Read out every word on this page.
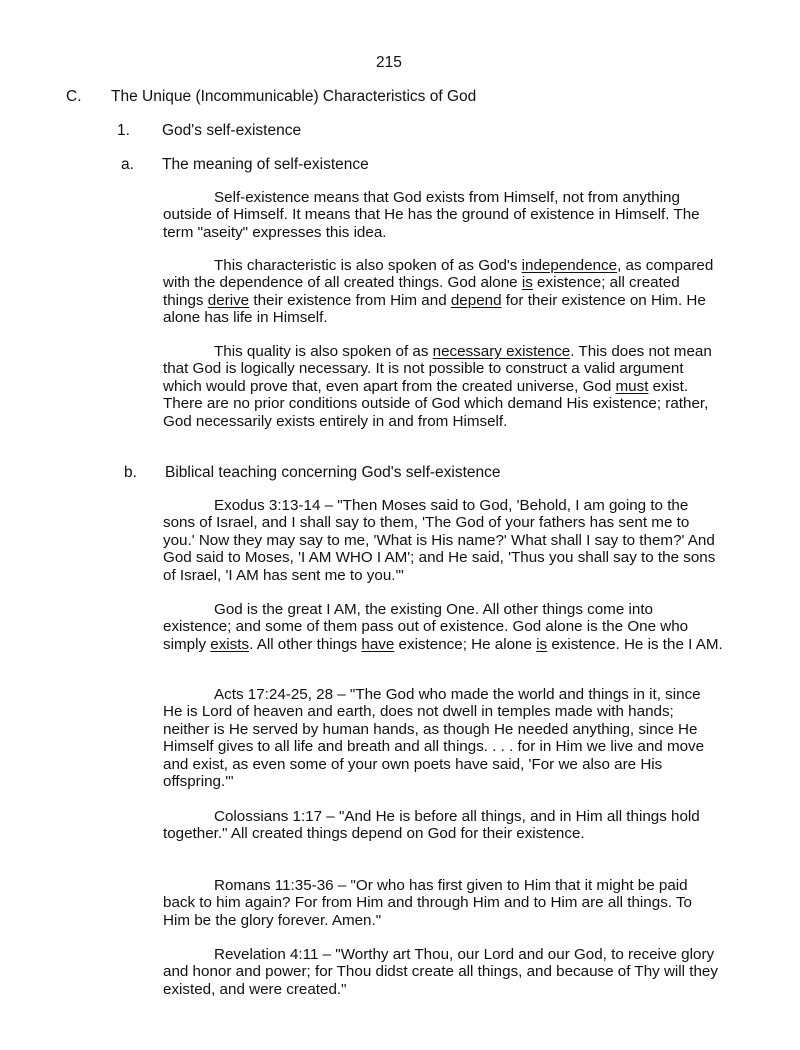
215
C. The Unique (Incommunicable) Characteristics of God
1. God's self-existence
a. The meaning of self-existence

Self-existence means that God exists from Himself, not from anything outside of Himself. It means that He has the ground of existence in Himself. The term "aseity" expresses this idea.

This characteristic is also spoken of as God's independence, as compared with the dependence of all created things. God alone is existence; all created things derive their existence from Him and depend for their existence on Him. He alone has life in Himself.

This quality is also spoken of as necessary existence. This does not mean that God is logically necessary. It is not possible to construct a valid argument which would prove that, even apart from the created universe, God must exist. There are no prior conditions outside of God which demand His existence; rather, God necessarily exists entirely in and from Himself.

b. Biblical teaching concerning God's self-existence

Exodus 3:13-14 – "Then Moses said to God, 'Behold, I am going to the sons of Israel, and I shall say to them, 'The God of your fathers has sent me to you.' Now they may say to me, 'What is His name?' What shall I say to them?' And God said to Moses, 'I AM WHO I AM'; and He said, 'Thus you shall say to the sons of Israel, 'I AM has sent me to you.'"

God is the great I AM, the existing One. All other things come into existence; and some of them pass out of existence. God alone is the One who simply exists. All other things have existence; He alone is existence. He is the I AM.

Acts 17:24-25, 28 – "The God who made the world and things in it, since He is Lord of heaven and earth, does not dwell in temples made with hands; neither is He served by human hands, as though He needed anything, since He Himself gives to all life and breath and all things. . . . for in Him we live and move and exist, as even some of your own poets have said, 'For we also are His offspring.'"

Colossians 1:17 – "And He is before all things, and in Him all things hold together." All created things depend on God for their existence.

Romans 11:35-36 – "Or who has first given to Him that it might be paid back to him again? For from Him and through Him and to Him are all things. To Him be the glory forever. Amen."

Revelation 4:11 – "Worthy art Thou, our Lord and our God, to receive glory and honor and power; for Thou didst create all things, and because of Thy will they existed, and were created."
